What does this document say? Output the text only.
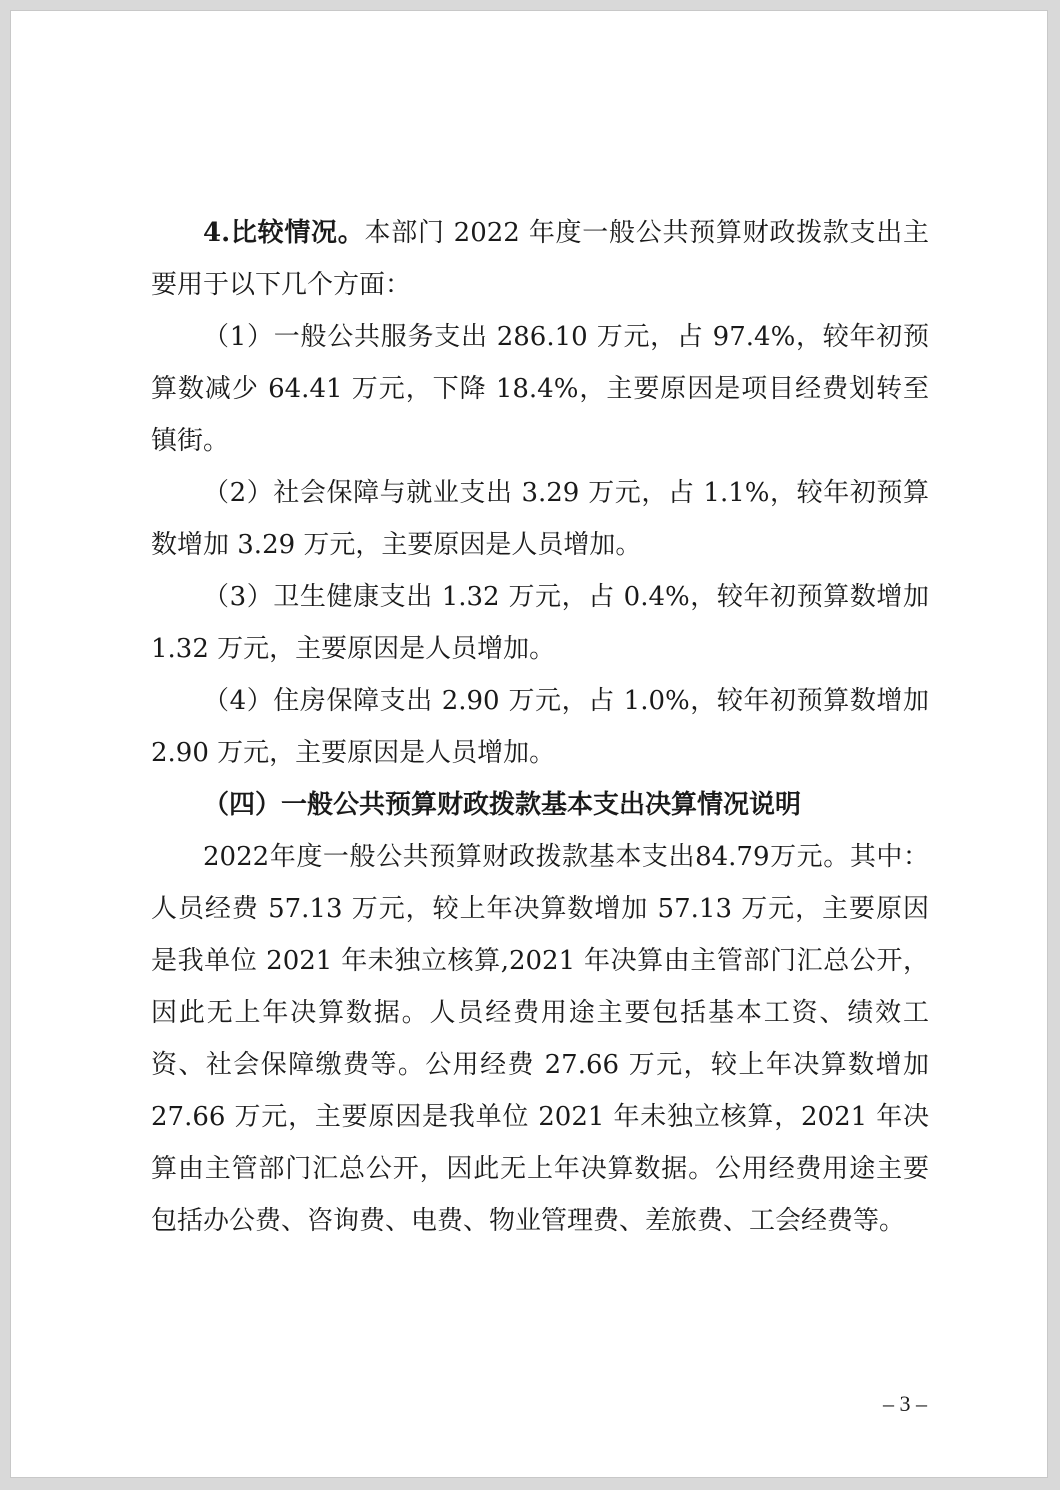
4.比较情况。本部门 2022 年度一般公共预算财政拨款支出主要用于以下几个方面：

（1）一般公共服务支出 286.10 万元，占 97.4%，较年初预算数减少 64.41 万元，下降 18.4%，主要原因是项目经费划转至镇街。

（2）社会保障与就业支出 3.29 万元，占 1.1%，较年初预算数增加 3.29 万元，主要原因是人员增加。

（3）卫生健康支出 1.32 万元，占 0.4%，较年初预算数增加 1.32 万元，主要原因是人员增加。

（4）住房保障支出 2.90 万元，占 1.0%，较年初预算数增加 2.90 万元，主要原因是人员增加。

（四）一般公共预算财政拨款基本支出决算情况说明

2022年度一般公共预算财政拨款基本支出84.79万元。其中：人员经费 57.13 万元，较上年决算数增加 57.13 万元，主要原因是我单位 2021 年未独立核算,2021 年决算由主管部门汇总公开，因此无上年决算数据。人员经费用途主要包括基本工资、绩效工资、社会保障缴费等。公用经费 27.66 万元，较上年决算数增加 27.66 万元，主要原因是我单位 2021 年未独立核算，2021 年决算由主管部门汇总公开，因此无上年决算数据。公用经费用途主要包括办公费、咨询费、电费、物业管理费、差旅费、工会经费等。

– 3 –
